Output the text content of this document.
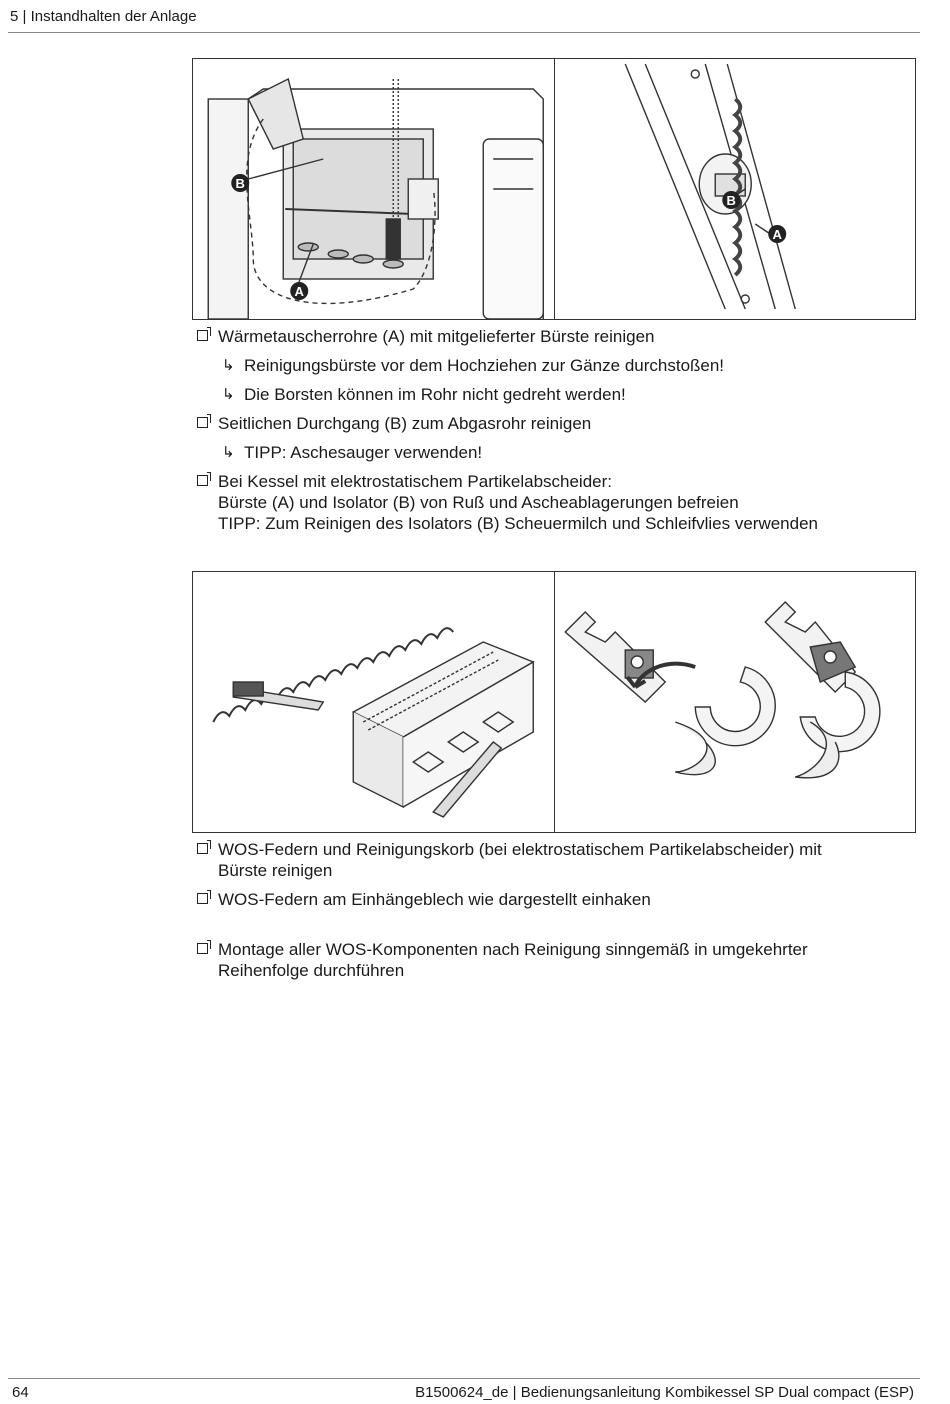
5 | Instandhalten der Anlage
B
A
B
A
Wärmetauscherrohre (A) mit mitgelieferter Bürste reinigen
↳ Reinigungsbürste vor dem Hochziehen zur Gänze durchstoßen!
↳ Die Borsten können im Rohr nicht gedreht werden!
Seitlichen Durchgang (B) zum Abgasrohr reinigen
↳ TIPP: Aschesauger verwenden!
Bei Kessel mit elektrostatischem Partikelabscheider:
Bürste (A) und Isolator (B) von Ruß und Ascheablagerungen befreien
TIPP: Zum Reinigen des Isolators (B) Scheuermilch und Schleifvlies verwenden
WOS-Federn und Reinigungskorb (bei elektrostatischem Partikelabscheider) mit
Bürste reinigen
WOS-Federn am Einhängeblech wie dargestellt einhaken
Montage aller WOS-Komponenten nach Reinigung sinngemäß in umgekehrter
Reihenfolge durchführen
64	B1500624_de | Bedienungsanleitung Kombikessel SP Dual compact (ESP)
